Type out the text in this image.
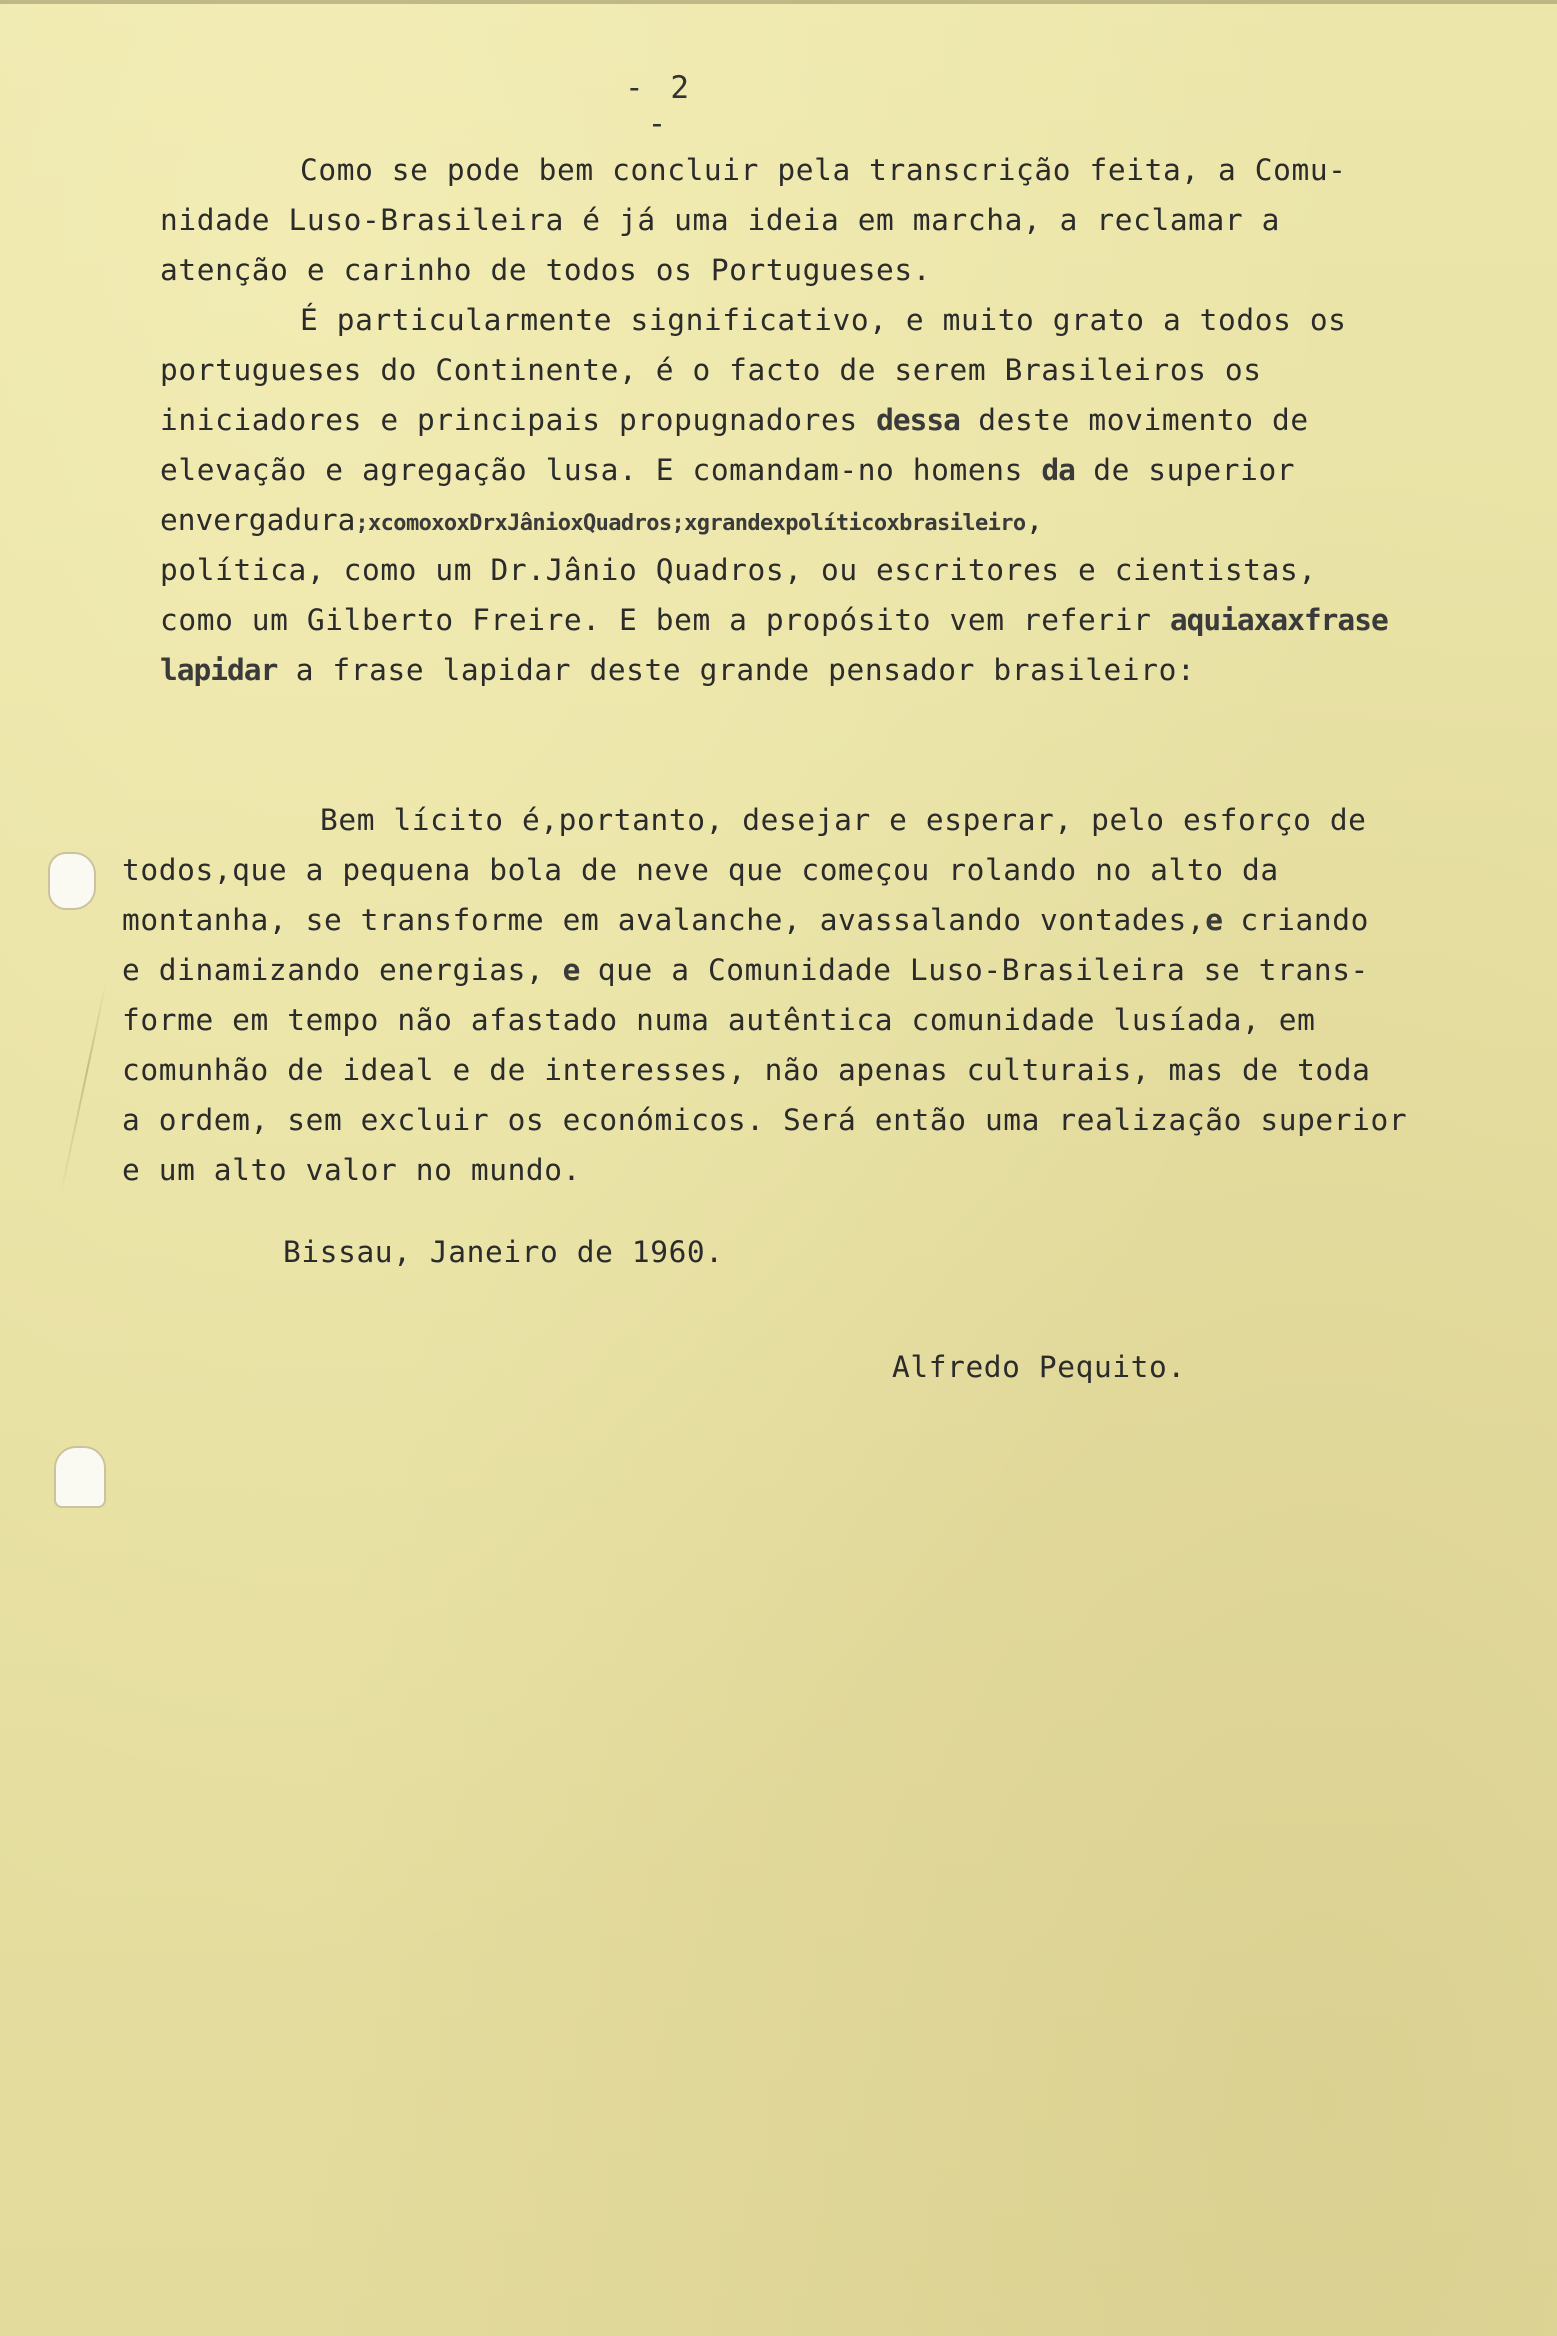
- 2 -
Como se pode bem concluir pela transcrição feita, a Comu-
nidade Luso-Brasileira é já uma ideia em marcha, a reclamar a
atenção e carinho de todos os Portugueses.
É particularmente significativo, e muito grato a todos os
portugueses do Continente, é o facto de serem Brasileiros os
iniciadores e principais propugnadores dessa deste movimento de
elevação e agregação lusa. E comandam-no homens da de superior
envergadura;xcomoxoxDrxJânioxQuadros;xgrandexpolíticoxbrasileiro,
política, como um Dr.Jânio Quadros, ou escritores e cientistas,
como um Gilberto Freire. E bem a propósito vem referir aquiaxaxfrase
lapidar a frase lapidar deste grande pensador brasileiro:
Bem lícito é,portanto, desejar e esperar, pelo esforço de
todos,que a pequena bola de neve que começou rolando no alto da
montanha, se transforme em avalanche, avassalando vontades,e criando
e dinamizando energias, e que a Comunidade Luso-Brasileira se trans-
forme em tempo não afastado numa autêntica comunidade lusíada, em
comunhão de ideal e de interesses, não apenas culturais, mas de toda
a ordem, sem excluir os económicos. Será então uma realização superior
e um alto valor no mundo.
Bissau, Janeiro de 1960.
Alfredo Pequito.
